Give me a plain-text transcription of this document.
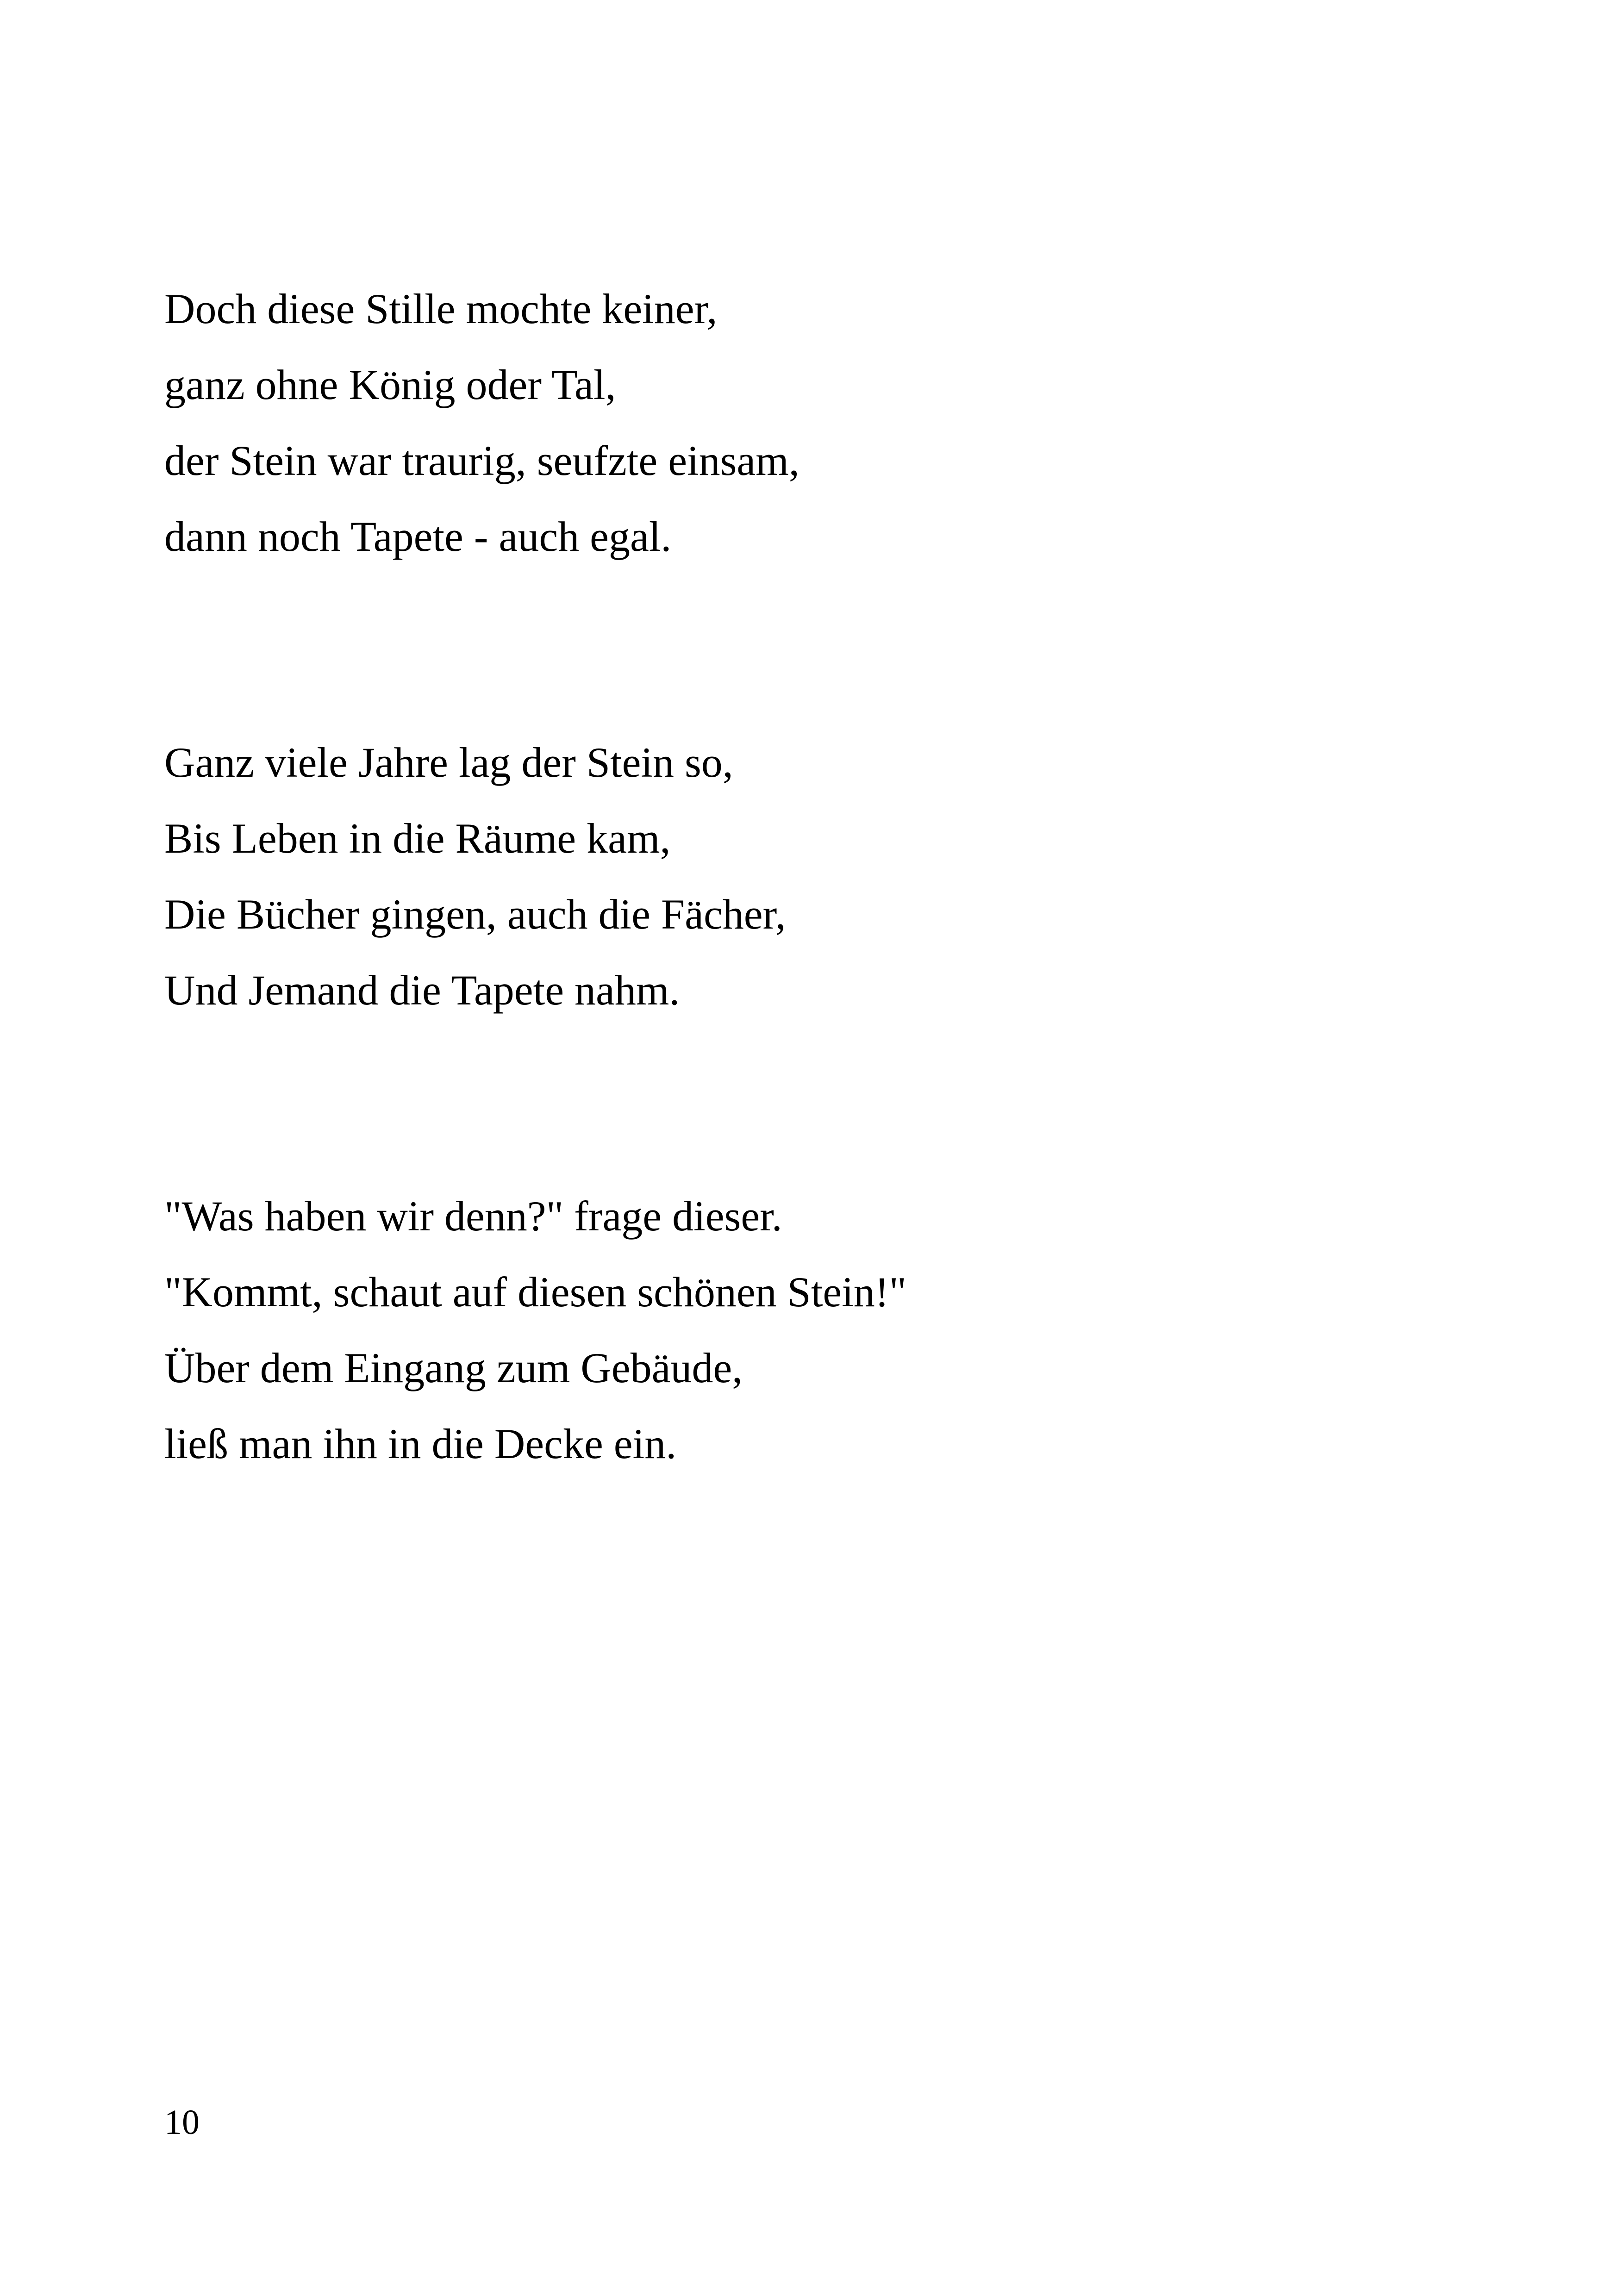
Doch diese Stille mochte keiner,
ganz ohne König oder Tal,
der Stein war traurig, seufzte einsam,
dann noch Tapete - auch egal.
Ganz viele Jahre lag der Stein so,
Bis Leben in die Räume kam,
Die Bücher gingen, auch die Fächer,
Und Jemand die Tapete nahm.
"Was haben wir denn?" frage dieser.
"Kommt, schaut auf diesen schönen Stein!"
Über dem Eingang zum Gebäude,
ließ man ihn in die Decke ein.
10
